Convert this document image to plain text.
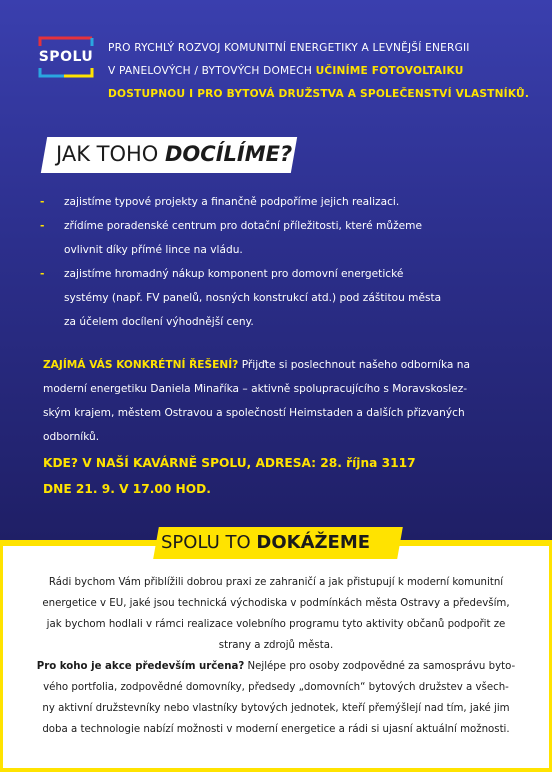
SPOLU
PRO RYCHLÝ ROZVOJ KOMUNITNÍ ENERGETIKY A LEVNĚJŠÍ ENERGII
V PANELOVÝCH / BYTOVÝCH DOMECH UČINÍME FOTOVOLTAIKU
DOSTUPNOU I PRO BYTOVÁ DRUŽSTVA A SPOLEČENSTVÍ VLASTNÍKŮ.
JAK TOHO DOCÍLÍME?
- zajistíme typové projekty a finančně podpoříme jejich realizaci.
- zřídíme poradenské centrum pro dotační příležitosti, které můžeme
ovlivnit díky přímé lince na vládu.
- zajistíme hromadný nákup komponent pro domovní energetické
systémy (např. FV panelů, nosných konstrukcí atd.) pod záštitou města
za účelem docílení výhodnější ceny.
ZAJÍMÁ VÁS KONKRÉTNÍ ŘEŠENÍ? Přijďte si poslechnout našeho odborníka na
moderní energetiku Daniela Minaříka – aktivně spolupracujícího s Moravskoslez-
ským krajem, městem Ostravou a společností Heimstaden a dalších přizvaných
odborníků.
KDE? V NAŠÍ KAVÁRNĚ SPOLU, ADRESA: 28. října 3117
DNE 21. 9. V 17.00 HOD.
SPOLU TO DOKÁŽEME
Rádi bychom Vám přiblížili dobrou praxi ze zahraničí a jak přistupují k moderní komunitní
energetice v EU, jaké jsou technická východiska v podmínkách města Ostravy a především,
jak bychom hodlali v rámci realizace volebního programu tyto aktivity občanů podpořit ze
strany a zdrojů města.
Pro koho je akce především určena? Nejlépe pro osoby zodpovědné za samosprávu byto-
vého portfolia, zodpovědné domovníky, předsedy „domovních“ bytových družstev a všech-
ny aktivní družstevníky nebo vlastníky bytových jednotek, kteří přemýšlejí nad tím, jaké jim
doba a technologie nabízí možnosti v moderní energetice a rádi si ujasní aktuální možnosti.
